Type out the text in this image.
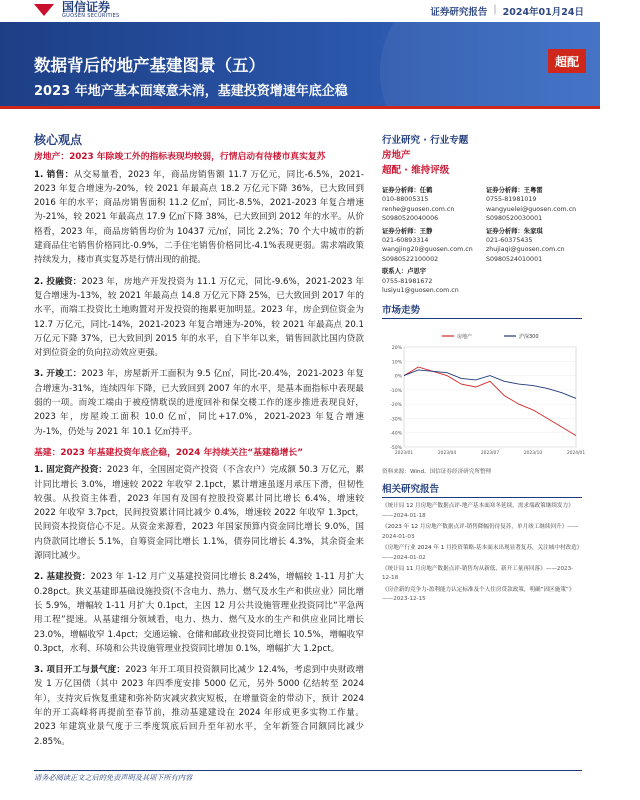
国信证券
GUOSEN SECURITIES
数据背后的地产基建图景（五）
2023 年地产基本面寒意未消，基建投资增速年底企稳
超配
核心观点
房地产：2023 年除竣工外的指标表现均较弱，行情启动有待楼市真实复苏
1. 销售：从交易量看，2023 年，商品房销售额 11.7 万亿元，同比-6.5%，2021-2023 年复合增速为-20%，较 2021 年最高点 18.2 万亿元下降 36%，已大致回到 2016 年的水平；商品房销售面积 11.2 亿㎡，同比-8.5%，2021-2023 年复合增速为-21%，较 2021 年最高点 17.9 亿㎡下降 38%，已大致回到 2012 年的水平。从价格看，2023 年，商品房销售均价为 10437 元/㎡，同比 2.2%；70 个大中城市的新建商品住宅销售价格同比-0.9%，二手住宅销售价格同比-4.1%表现更弱。需求端政策持续发力，楼市真实复苏是行情出现的前提。
2. 投融资：2023 年，房地产开发投资为 11.1 万亿元，同比-9.6%，2021-2023 年复合增速为-13%，较 2021 年最高点 14.8 万亿元下降 25%，已大致回到 2017 年的水平，而端工投资比土地购置对开发投资的拖累更加明显。2023 年，房企到位资金为 12.7 万亿元，同比-14%，2021-2023 年复合增速为-20%，较 2021 年最高点 20.1 万亿元下降 37%，已大致回到 2015 年的水平，自下半年以来，销售回款比国内贷款对到位资金的负向拉动效应更强。
3. 开竣工：2023 年，房屋新开工面积为 9.5 亿㎡，同比-20.4%，2021-2023 年复合增速为-31%，连续四年下降，已大致回到 2007 年的水平，是基本面指标中表现最弱的一项。而竣工端由于被疫情耽误的进度回补和保交楼工作的逐步推进表现良好，2023 年，房屋竣工面积 10.0 亿㎡，同比+17.0%，2021-2023 年复合增速为-1%，仍处与 2021 年 10.1 亿㎡持平。
基建：2023 年基建投资年底企稳，2024 年持续关注“基建稳增长”
1. 固定资产投资：2023 年，全国固定资产投资（不含农户）完成额 50.3 万亿元，累计同比增长 3.0%，增速较 2022 年收窄 2.1pct，累计增速虽逐月承压下滑，但韧性较强。从投资主体看，2023 年国有及国有控股投资累计同比增长 6.4%，增速较 2022 年收窄 3.7pct，民间投资累计同比减少 0.4%，增速较 2022 年收窄 1.3pct，民间资本投资信心不足。从资金来源看，2023 年国家预算内资金同比增长 9.0%，国内贷款同比增长 5.1%，自筹资金同比增长 1.1%，债券同比增长 4.3%，其余资金来源同比减少。
2. 基建投资：2023 年 1-12 月广义基建投资同比增长 8.24%，增幅较 1-11 月扩大 0.28pct。狭义基建即基础设施投资(不含电力、热力、燃气及水生产和供应业）同比增长 5.9%，增幅较 1-11 月扩大 0.1pct，主因 12 月公共设施管理业投资同比“平急两用工程”提速。从基建细分领域看，电力、热力、燃气及水的生产和供应业同比增长 23.0%，增幅收窄 1.4pct；交通运输、仓储和邮政业投资同比增长 10.5%，增幅收窄 0.3pct，水利、环境和公共设施管理业投资同比增加 0.1%，增幅扩大 1.2pct。
3. 项目开工与景气度：2023 年开工项目投资额同比减少 12.4%，考虑到中央财政增发 1 万亿国债（其中 2023 年四季度安排 5000 亿元，另外 5000 亿结转至 2024 年），支持灾后恢复重建和弥补防灾减灾救灾短板，在增量资金的带动下，预计 2024 年的开工高峰将再提前至春节前，推动基建建设在 2024 年形成更多实物工作量。2023 年建筑业景气度于三季度筑底后回升至年初水平，全年新签合同额同比减少 2.85%。
行业研究 · 行业专题
房地产
超配 · 维持评级
证券分析师：任鹤
010-88005315
renhe@guosen.com.cn
S0980520040006
证券分析师：王粤雷
0755-81981019
wangyuelei@guosen.com.cn
S0980520030001
证券分析师：王静
021-60893314
wangjing20@guosen.com.cn
S0980522100002
证券分析师：朱家琪
021-60375435
zhujiaqi@guosen.com.cn
S0980524010001
联系人：卢思宇
0755-81981672
lusiyu1@guosen.com.cn
市场走势
-50%
-40%
-30%
-20%
-10%
0%
10%
20%
2023/01	2023/04	2023/07	2023/10	2024/01
房地产	沪深300
资料来源：Wind、国信证券经济研究所整理
相关研究报告
《统计局 12 月房地产数据点评-地产基本面寒冬延续，需求端政策继续发力》——2024-01-18
《2023 年 12 月房地产数据点评-销售降幅仍待复苏，单月竣工继续回升》——2024-01-03
《房地产行业 2024 年 1 月投资策略-基本面未出现显著复苏，关注城中村改造》——2024-01-02
《统计局 11 月房地产数据点评-销售均从新低，新开工量再回落》——2023-12-18
《房企新的竞争力-盈利能力认定标准及个人住房贷款政策，明确“因区施策”》——2023-12-15
请务必阅读正文之后的免责声明及其项下所有内容
